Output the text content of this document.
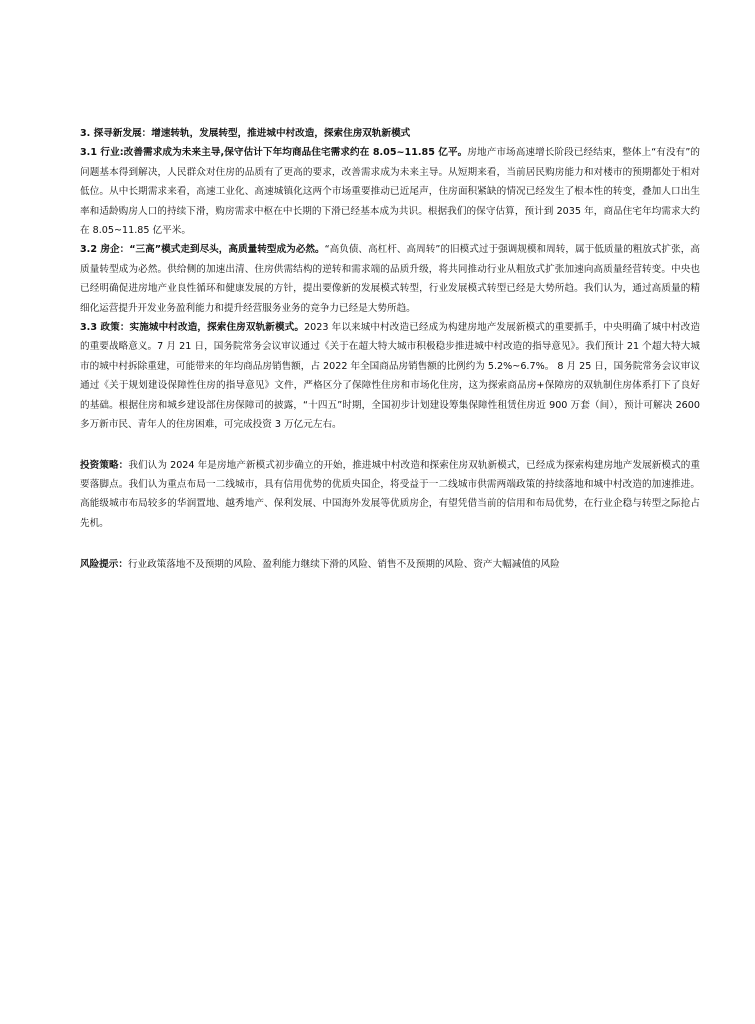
3. 探寻新发展：增速转轨，发展转型，推进城中村改造，探索住房双轨新模式

3.1 行业:改善需求成为未来主导,保守估计下年均商品住宅需求约在 8.05~11.85 亿平。房地产市场高速增长阶段已经结束，整体上“有没有”的问题基本得到解决，人民群众对住房的品质有了更高的要求，改善需求成为未来主导。从短期来看，当前居民购房能力和对楼市的预期都处于相对低位。从中长期需求来看，高速工业化、高速城镇化这两个市场重要推动已近尾声，住房面积紧缺的情况已经发生了根本性的转变，叠加人口出生率和适龄购房人口的持续下滑，购房需求中枢在中长期的下滑已经基本成为共识。根据我们的保守估算，预计到 2035 年，商品住宅年均需求大约在 8.05~11.85 亿平米。

3.2 房企：“三高”模式走到尽头，高质量转型成为必然。“高负债、高杠杆、高周转”的旧模式过于强调规模和周转，属于低质量的粗放式扩张，高质量转型成为必然。供给侧的加速出清、住房供需结构的逆转和需求端的品质升级，将共同推动行业从粗放式扩张加速向高质量经营转变。中央也已经明确促进房地产业良性循环和健康发展的方针，提出要像新的发展模式转型，行业发展模式转型已经是大势所趋。我们认为，通过高质量的精细化运营提升开发业务盈利能力和提升经营服务业务的竞争力已经是大势所趋。

3.3 政策：实施城中村改造，探索住房双轨新模式。2023 年以来城中村改造已经成为构建房地产发展新模式的重要抓手，中央明确了城中村改造的重要战略意义。7 月 21 日，国务院常务会议审议通过《关于在超大特大城市积极稳步推进城中村改造的指导意见》。我们预计 21 个超大特大城市的城中村拆除重建，可能带来的年均商品房销售额，占 2022 年全国商品房销售额的比例约为 5.2%~6.7%。 8 月 25 日，国务院常务会议审议通过《关于规划建设保障性住房的指导意见》文件，严格区分了保障性住房和市场化住房，这为探索商品房+保障房的双轨制住房体系打下了良好的基础。根据住房和城乡建设部住房保障司的披露，“十四五”时期，全国初步计划建设筹集保障性租赁住房近 900 万套（间），预计可解决 2600 多万新市民、青年人的住房困难，可完成投资 3 万亿元左右。

投资策略：我们认为 2024 年是房地产新模式初步确立的开始，推进城中村改造和探索住房双轨新模式，已经成为探索构建房地产发展新模式的重要落脚点。我们认为重点布局一二线城市，具有信用优势的优质央国企，将受益于一二线城市供需两端政策的持续落地和城中村改造的加速推进。高能级城市布局较多的华润置地、越秀地产、保利发展、中国海外发展等优质房企，有望凭借当前的信用和布局优势，在行业企稳与转型之际抢占先机。

风险提示：行业政策落地不及预期的风险、盈利能力继续下滑的风险、销售不及预期的风险、资产大幅减值的风险
